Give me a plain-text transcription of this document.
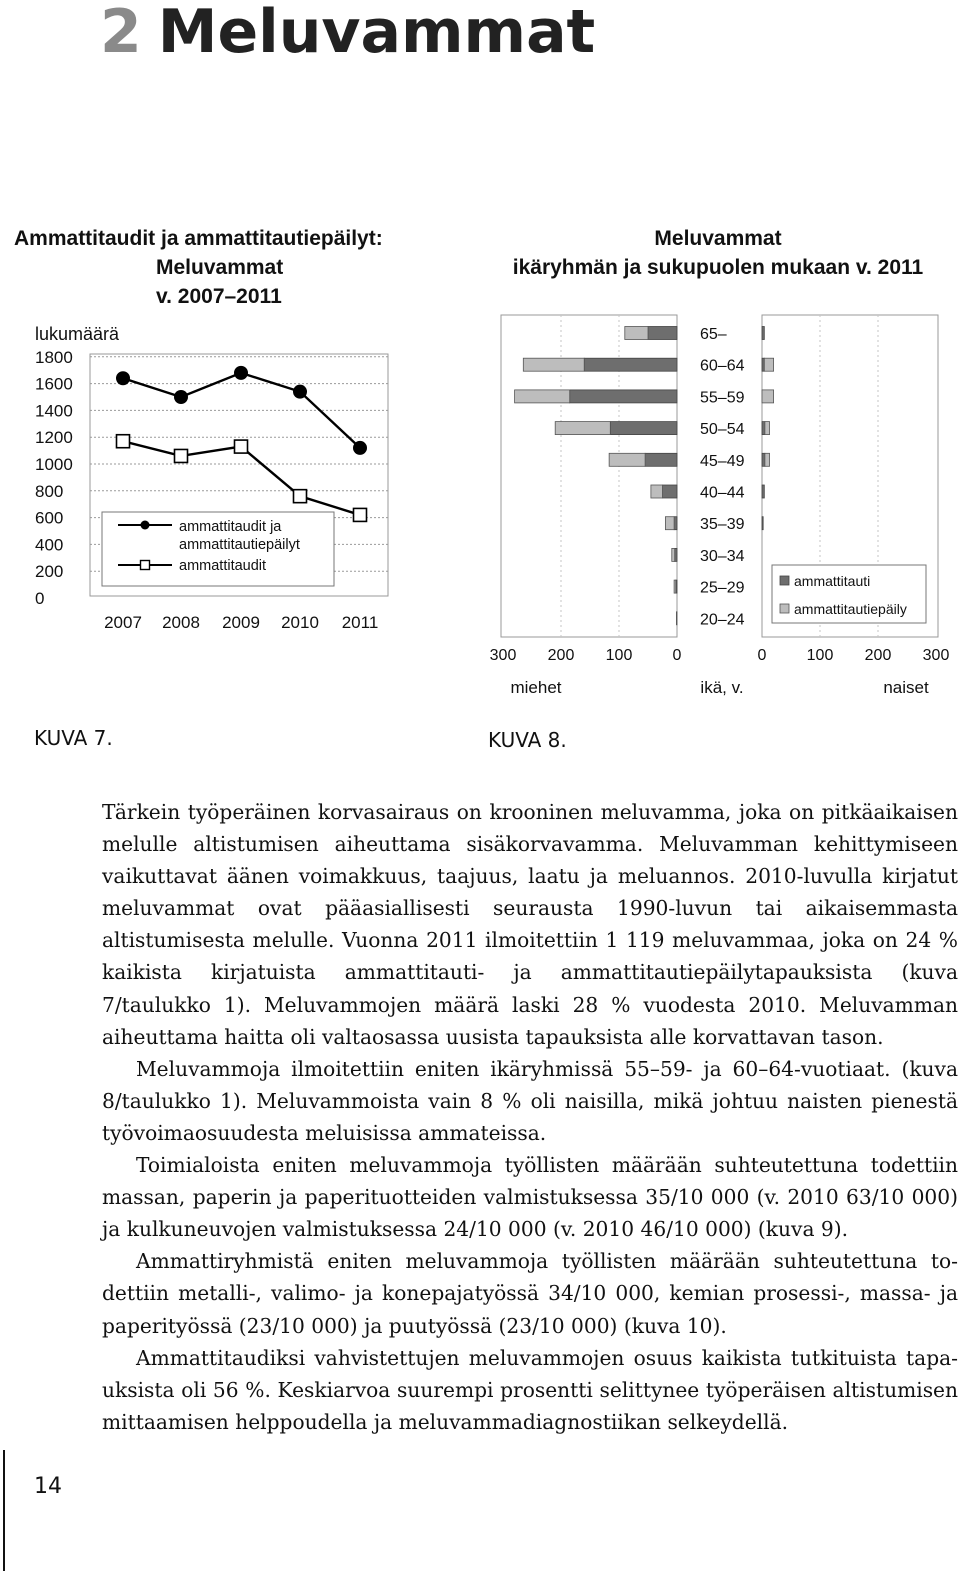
2 Meluvammat
Ammattitaudit ja ammattitautiepäilyt:
Meluvammat
v. 2007–2011
Meluvammat
ikäryhmän ja sukupuolen mukaan v. 2011
1800
1600
1400
1200
1000
800
600
400
200
0
lukumäärä
2007 2008 2009 2010 2011
ammattitaudit ja
ammattitautiepäilyt
ammattitaudit
65–
60–64
55–59
50–54
45–49
40–44
35–39
30–34
25–29
20–24
300 200 100	0	0	100 200 300
miehet	ikä, v.	naiset
ammattitauti
ammattitautiepäily
KUVA 7.	KUVA 8.

Tärkein työperäinen korvasairaus on krooninen meluvamma, joka on pitkäaikaisen melulle altistumisen aiheuttama sisäkorvavamma. Meluvamman kehittymiseen vaikuttavat äänen voimakkuus, taajuus, laatu ja meluannos. 2010-luvulla kirjatut meluvammat ovat pääasiallisesti seurausta 1990-luvun tai aikaisemmasta altistumisesta melulle. Vuonna 2011 ilmoitettiin 1 119 meluvammaa, joka on 24 % kaikista kirjatuista ammattitauti- ja ammattitautiepäilytapauksista (kuva 7/taulukko 1). Meluvammojen määrä laski 28 % vuodesta 2010. Meluvamman aiheuttama haitta oli valtaosassa uusista tapauksista alle korvattavan tason.

Meluvammoja ilmoitettiin eniten ikäryhmissä 55–59- ja 60–64-vuotiaat. (kuva 8/taulukko 1). Meluvammoista vain 8 % oli naisilla, mikä johtuu naisten pienestä työvoimaosuudesta meluisissa ammateissa.

Toimialoista eniten meluvammoja työllisten määrään suhteutettuna todettiin massan, paperin ja paperituotteiden valmistuksessa 35/10 000 (v. 2010 63/10 000) ja kulkuneuvojen valmistuksessa 24/10 000 (v. 2010 46/10 000) (kuva 9).

Ammattiryhmistä eniten meluvammoja työllisten määrään suhteutettuna todettiin metalli-, valimo- ja konepajatyössä 34/10 000, kemian prosessi-, massa- ja paperityössä (23/10 000) ja puutyössä (23/10 000) (kuva 10).

Ammattitaudiksi vahvistettujen meluvammojen osuus kaikista tutkituista tapauksista oli 56 %. Keskiarvoa suurempi prosentti selittynee työperäisen altistumisen mittaamisen helppoudella ja meluvammadiagnostiikan selkeydellä.

14
